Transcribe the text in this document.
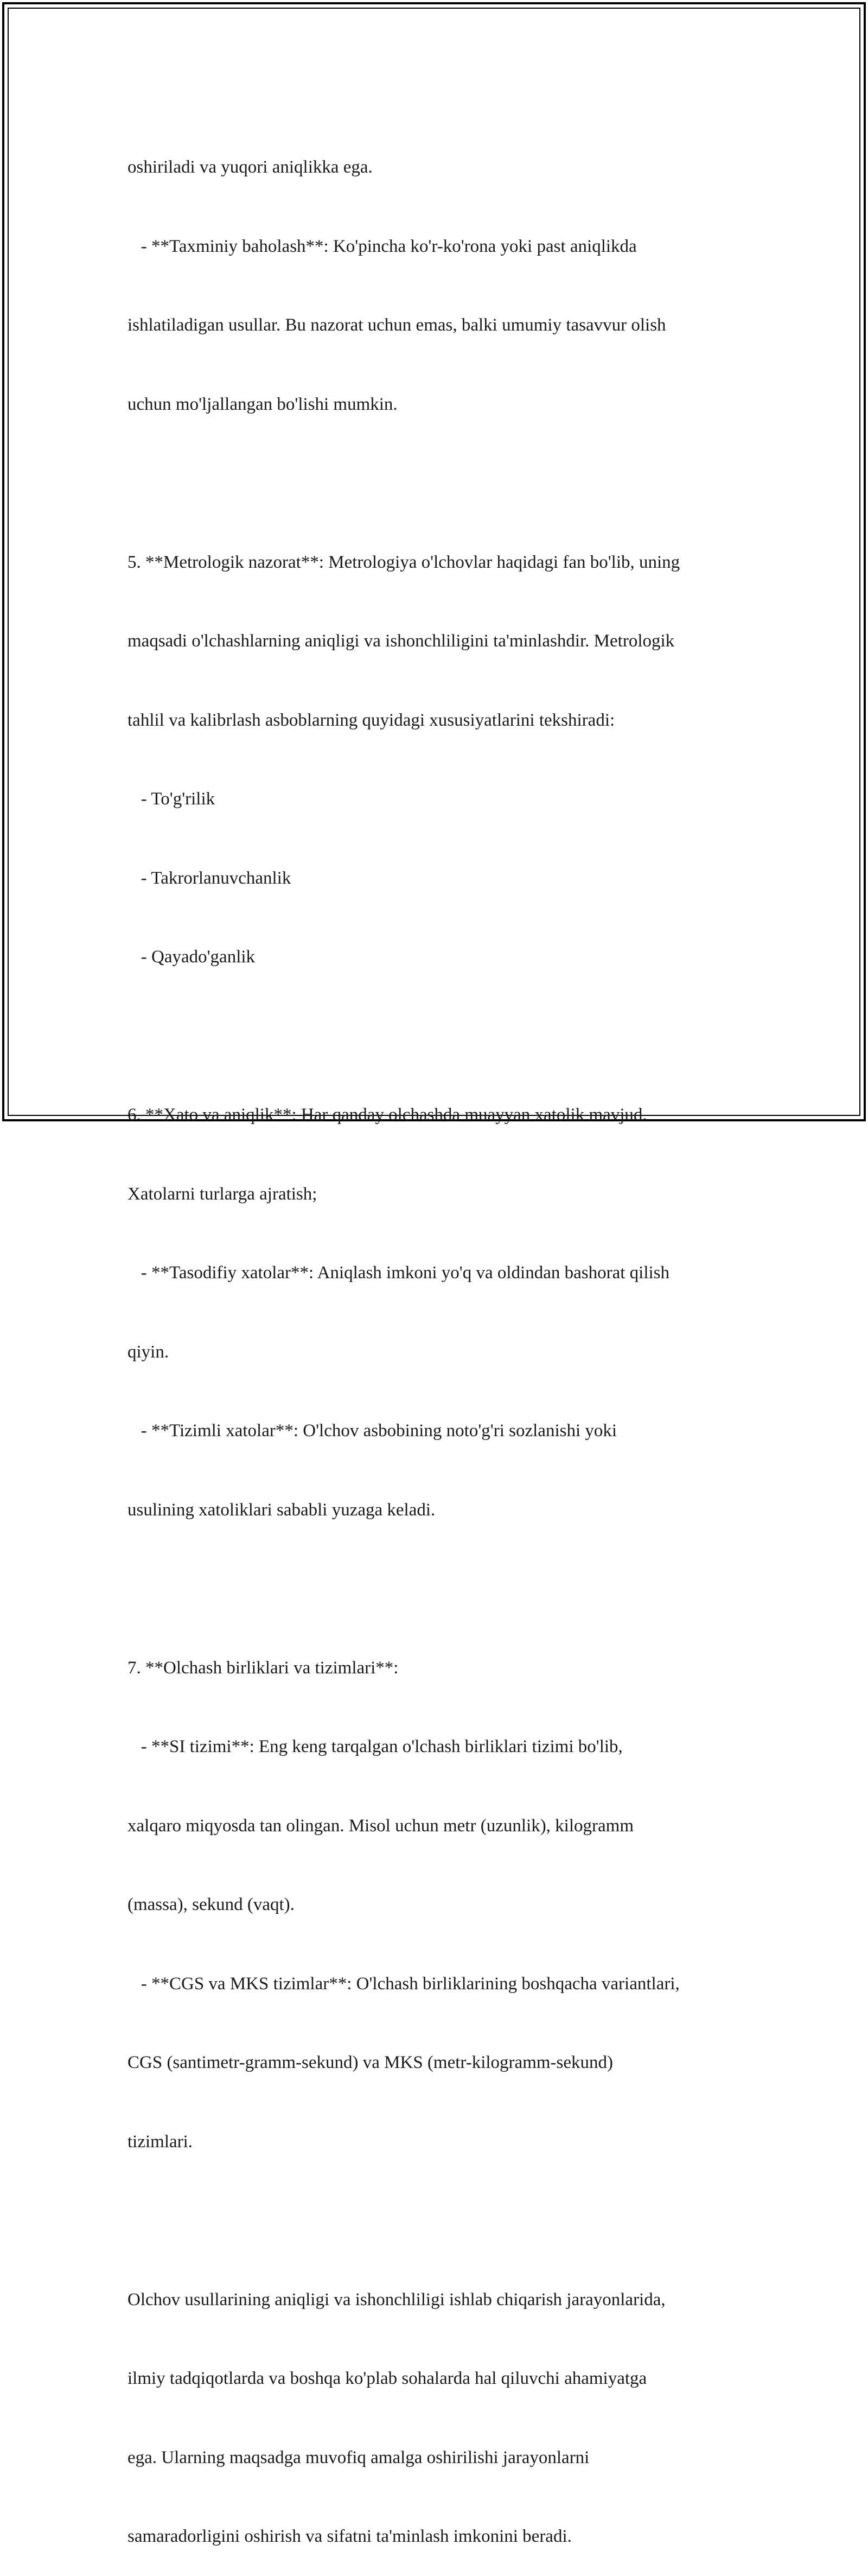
oshiriladi va yuqori aniqlikka ega.

- **Taxminiy baholash**: Ko'pincha ko'r-ko'rona yoki past aniqlikda

ishlatiladigan usullar. Bu nazorat uchun emas, balki umumiy tasavvur olish

uchun mo'ljallangan bo'lishi mumkin.

5. **Metrologik nazorat**: Metrologiya o'lchovlar haqidagi fan bo'lib, uning

maqsadi o'lchashlarning aniqligi va ishonchliligini ta'minlashdir. Metrologik

tahlil va kalibrlash asboblarning quyidagi xususiyatlarini tekshiradi:

- To'g'rilik

- Takrorlanuvchanlik

- Qayado'ganlik

6. **Xato va aniqlik**: Har qanday olchashda muayyan xatolik mavjud.

Xatolarni turlarga ajratish;

- **Tasodifiy xatolar**: Aniqlash imkoni yo'q va oldindan bashorat qilish

qiyin.

- **Tizimli xatolar**: O'lchov asbobining noto'g'ri sozlanishi yoki

usulining xatoliklari sababli yuzaga keladi.

7. **Olchash birliklari va tizimlari**:

- **SI tizimi**: Eng keng tarqalgan o'lchash birliklari tizimi bo'lib,

xalqaro miqyosda tan olingan. Misol uchun metr (uzunlik), kilogramm

(massa), sekund (vaqt).

- **CGS va MKS tizimlar**: O'lchash birliklarining boshqacha variantlari,

CGS (santimetr-gramm-sekund) va MKS (metr-kilogramm-sekund)

tizimlari.

Olchov usullarining aniqligi va ishonchliligi ishlab chiqarish jarayonlarida,

ilmiy tadqiqotlarda va boshqa ko'plab sohalarda hal qiluvchi ahamiyatga

ega. Ularning maqsadga muvofiq amalga oshirilishi jarayonlarni

samaradorligini oshirish va sifatni ta'minlash imkonini beradi.
